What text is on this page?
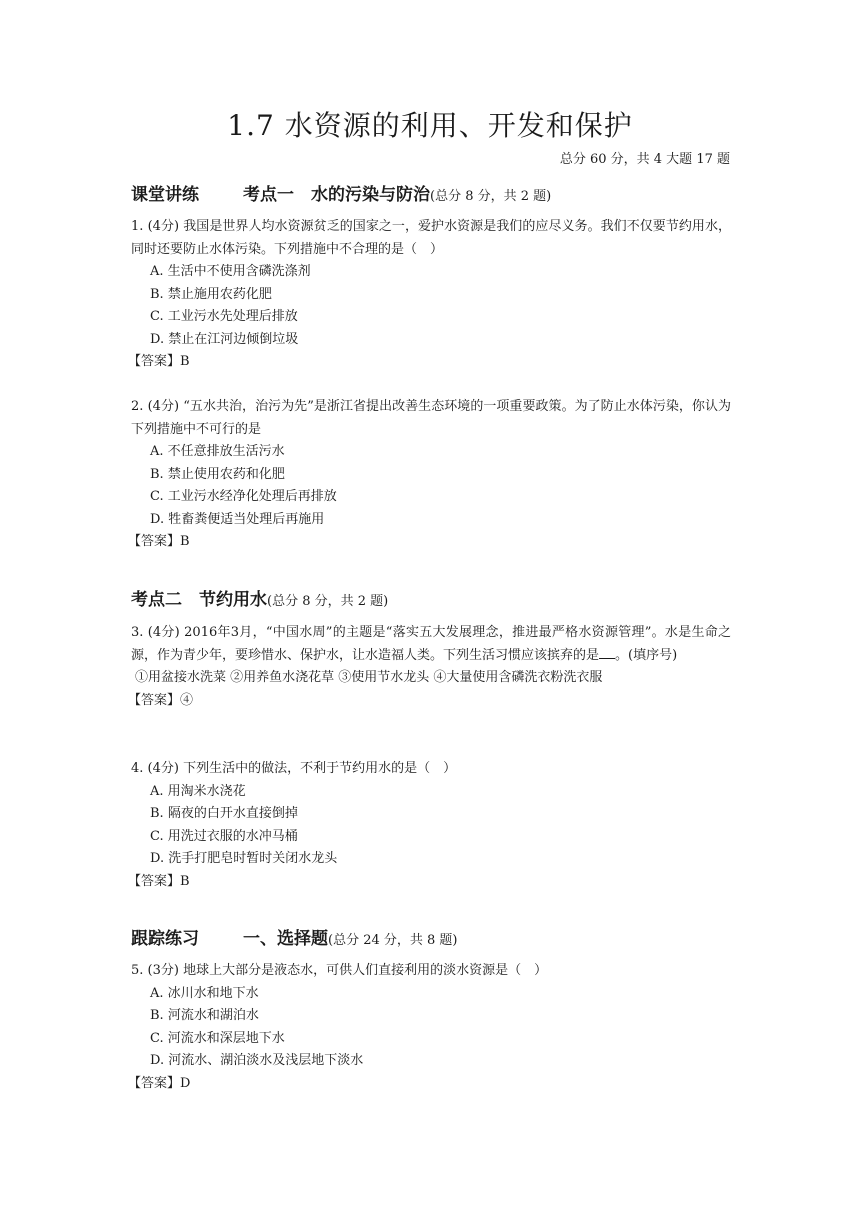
1.7 水资源的利用、开发和保护
总分 60 分，共 4 大题 17 题
课堂讲练	考点一　水的污染与防治(总分 8 分，共 2 题)

1. (4分) 我国是世界人均水资源贫乏的国家之一，爱护水资源是我们的应尽义务。我们不仅要节约用水，同时还要防止水体污染。下列措施中不合理的是（　）

A. 生活中不使用含磷洗涤剂

B. 禁止施用农药化肥

C. 工业污水先处理后排放

D. 禁止在江河边倾倒垃圾

【答案】B

2. (4分) “五水共治，治污为先”是浙江省提出改善生态环境的一项重要政策。为了防止水体污染，你认为下列措施中不可行的是

A. 不任意排放生活污水

B. 禁止使用农药和化肥

C. 工业污水经净化处理后再排放

D. 牲畜粪便适当处理后再施用

【答案】B

考点二　节约用水(总分 8 分，共 2 题)

3. (4分) 2016年3月，“中国水周”的主题是“落实五大发展理念，推进最严格水资源管理”。水是生命之源，作为青少年，要珍惜水、保护水，让水造福人类。下列生活习惯应该摈弃的是 。(填序号)

①用盆接水洗菜 ②用养鱼水浇花草 ③使用节水龙头 ④大量使用含磷洗衣粉洗衣服

【答案】④

4. (4分) 下列生活中的做法，不利于节约用水的是（　）

A. 用淘米水浇花

B. 隔夜的白开水直接倒掉

C. 用洗过衣服的水冲马桶

D. 洗手打肥皂时暂时关闭水龙头

【答案】B

跟踪练习	一、选择题(总分 24 分，共 8 题)

5. (3分) 地球上大部分是液态水，可供人们直接利用的淡水资源是（　）

A. 冰川水和地下水

B. 河流水和湖泊水

C. 河流水和深层地下水

D. 河流水、湖泊淡水及浅层地下淡水

【答案】D
